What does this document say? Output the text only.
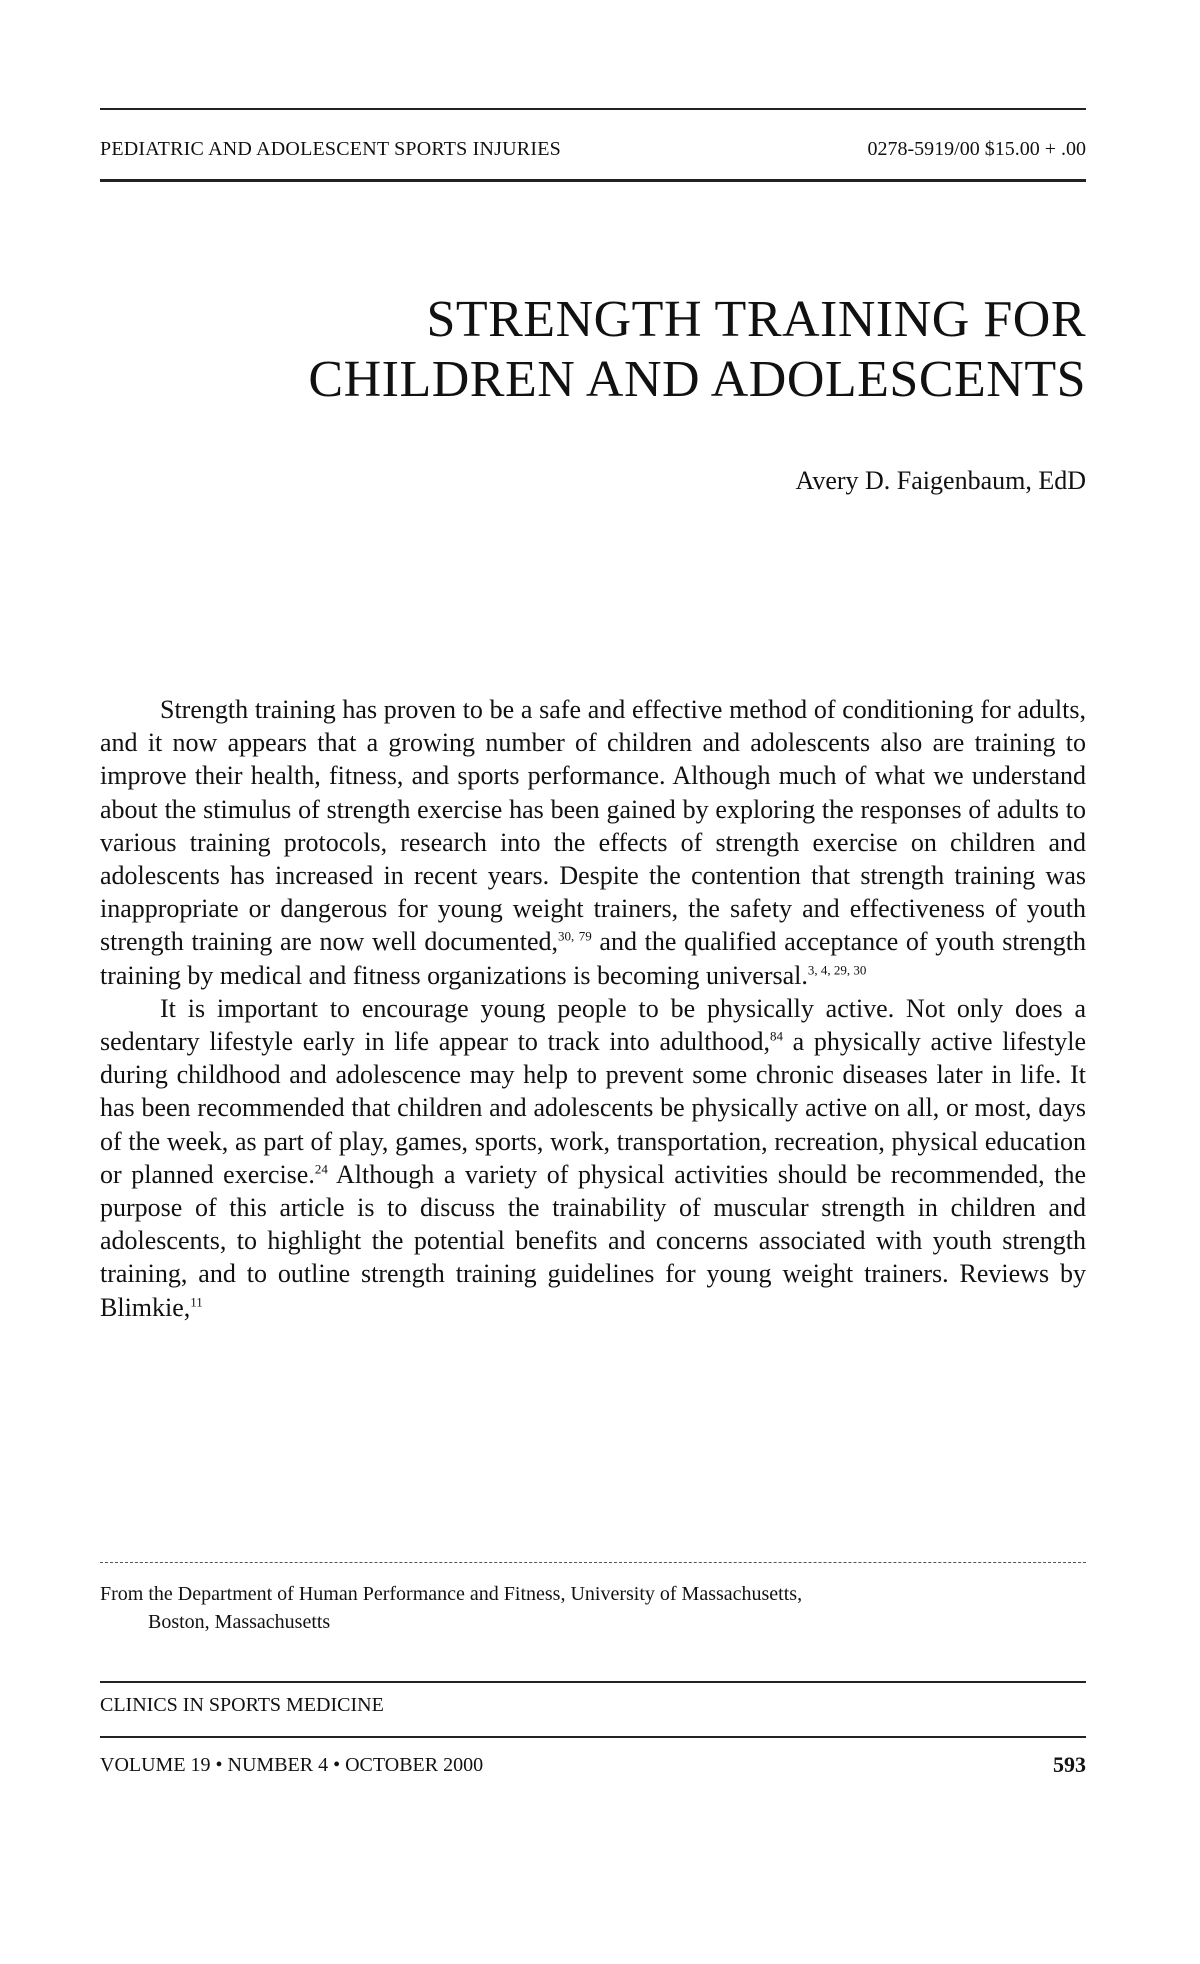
PEDIATRIC AND ADOLESCENT SPORTS INJURIES	0278-5919/00 $15.00 + .00
STRENGTH TRAINING FOR
CHILDREN AND ADOLESCENTS
Avery D. Faigenbaum, EdD

Strength training has proven to be a safe and effective method of conditioning for adults, and it now appears that a growing number of children and adolescents also are training to improve their health, fitness, and sports performance. Although much of what we understand about the stimulus of strength exercise has been gained by exploring the responses of adults to various training protocols, research into the effects of strength exercise on children and adolescents has increased in recent years. Despite the contention that strength training was inappropriate or dangerous for young weight trainers, the safety and effectiveness of youth strength training are now well documented,$^{30, 79}$ and the qualified acceptance of youth strength training by medical and fitness organizations is becoming universal.$^{3, 4, 29, 30}$

It is important to encourage young people to be physically active. Not only does a sedentary lifestyle early in life appear to track into adulthood,$^{84}$ a physically active lifestyle during childhood and adolescence may help to prevent some chronic diseases later in life. It has been recommended that children and adolescents be physically active on all, or most, days of the week, as part of play, games, sports, work, transportation, recreation, physical education or planned exercise.$^{24}$ Although a variety of physical activities should be recommended, the purpose of this article is to discuss the trainability of muscular strength in children and adolescents, to highlight the potential benefits and concerns associated with youth strength training, and to outline strength training guidelines for young weight trainers. Reviews by Blimkie,$^{11}$

From the Department of Human Performance and Fitness, University of Massachusetts,
Boston, Massachusetts
CLINICS IN SPORTS MEDICINE
VOLUME 19 • NUMBER 4 • OCTOBER 2000	593
